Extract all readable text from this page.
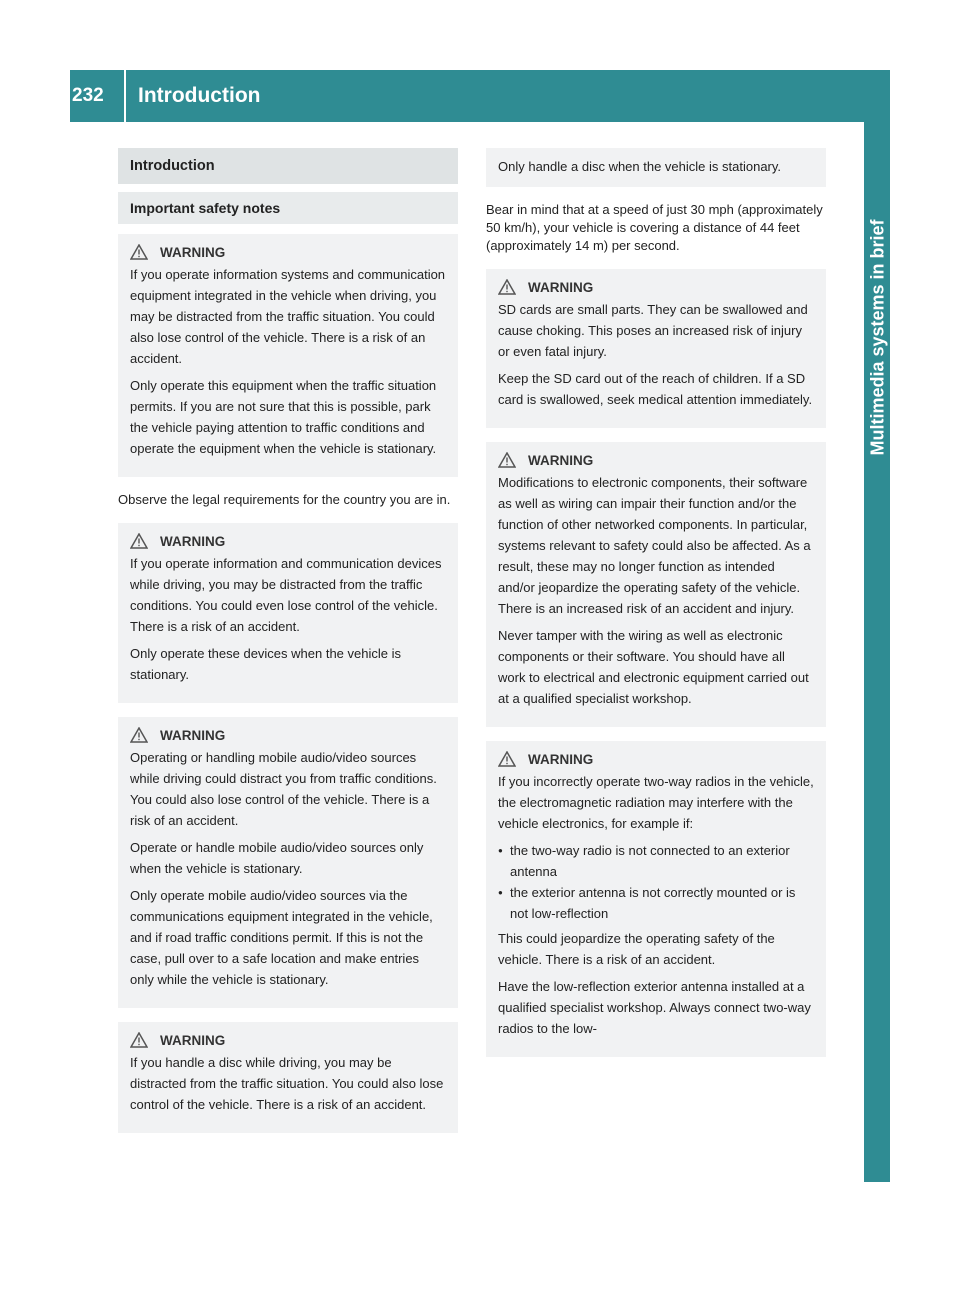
232	Introduction
Multimedia systems in brief
Introduction
Important safety notes
WARNING

If you operate information systems and communication equipment integrated in the vehicle when driving, you may be distracted from the traffic situation. You could also lose control of the vehicle. There is a risk of an accident.

Only operate this equipment when the traffic situation permits. If you are not sure that this is possible, park the vehicle paying attention to traffic conditions and operate the equipment when the vehicle is stationary.

Observe the legal requirements for the country you are in.

WARNING

If you operate information and communication devices while driving, you may be distracted from the traffic conditions. You could even lose control of the vehicle. There is a risk of an accident.

Only operate these devices when the vehicle is stationary.

WARNING

Operating or handling mobile audio/video sources while driving could distract you from traffic conditions. You could also lose control of the vehicle. There is a risk of an accident.

Operate or handle mobile audio/video sources only when the vehicle is stationary.

Only operate mobile audio/video sources via the communications equipment integrated in the vehicle, and if road traffic conditions permit. If this is not the case, pull over to a safe location and make entries only while the vehicle is stationary.

WARNING

If you handle a disc while driving, you may be distracted from the traffic situation. You could also lose control of the vehicle. There is a risk of an accident.

Only handle a disc when the vehicle is stationary.

Bear in mind that at a speed of just 30 mph (approximately 50 km/h), your vehicle is covering a distance of 44 feet (approximately 14 m) per second.

WARNING

SD cards are small parts. They can be swallowed and cause choking. This poses an increased risk of injury or even fatal injury.

Keep the SD card out of the reach of children. If a SD card is swallowed, seek medical attention immediately.

WARNING

Modifications to electronic components, their software as well as wiring can impair their function and/or the function of other networked components. In particular, systems relevant to safety could also be affected. As a result, these may no longer function as intended and/or jeopardize the operating safety of the vehicle. There is an increased risk of an accident and injury.

Never tamper with the wiring as well as electronic components or their software. You should have all work to electrical and electronic equipment carried out at a qualified specialist workshop.

WARNING

If you incorrectly operate two-way radios in the vehicle, the electromagnetic radiation may interfere with the vehicle electronics, for example if:

● the two-way radio is not connected to an exterior antenna
● the exterior antenna is not correctly mounted or is not low-reflection

This could jeopardize the operating safety of the vehicle. There is a risk of an accident.

Have the low-reflection exterior antenna installed at a qualified specialist workshop. Always connect two-way radios to the low-
